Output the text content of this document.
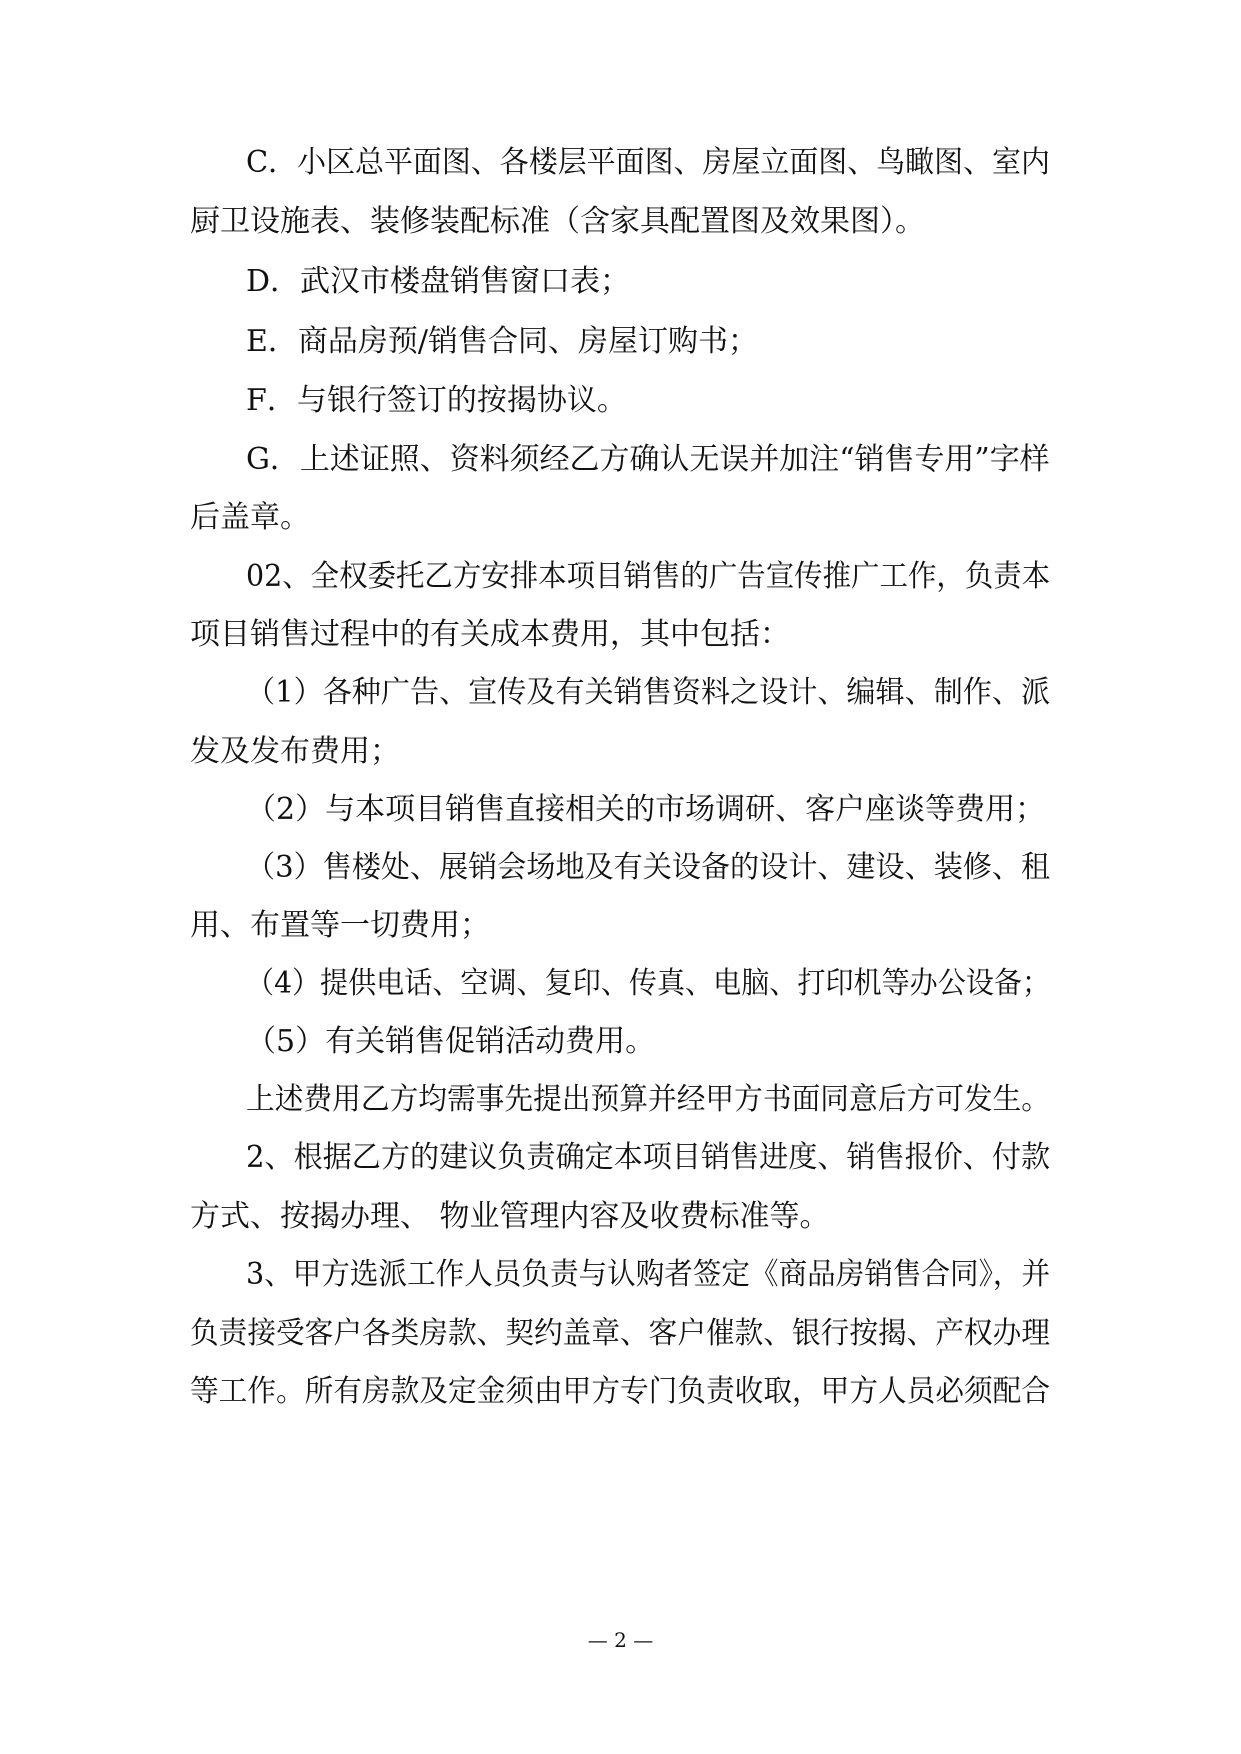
C．小区总平面图、各楼层平面图、房屋立面图、鸟瞰图、室内
厨卫设施表、装修装配标准（含家具配置图及效果图）。
D．武汉市楼盘销售窗口表；
E．商品房预/销售合同、房屋订购书；
F．与银行签订的按揭协议。
G．上述证照、资料须经乙方确认无误并加注“销售专用”字样
后盖章。
02、全权委托乙方安排本项目销售的广告宣传推广工作，负责本
项目销售过程中的有关成本费用，其中包括：
（1）各种广告、宣传及有关销售资料之设计、编辑、制作、派
发及发布费用；
（2）与本项目销售直接相关的市场调研、客户座谈等费用；
（3）售楼处、展销会场地及有关设备的设计、建设、装修、租
用、布置等一切费用；
（4）提供电话、空调、复印、传真、电脑、打印机等办公设备；
（5）有关销售促销活动费用。
上述费用乙方均需事先提出预算并经甲方书面同意后方可发生。
2、根据乙方的建议负责确定本项目销售进度、销售报价、付款
方式、按揭办理、 物业管理内容及收费标准等。
3、甲方选派工作人员负责与认购者签定《商品房销售合同》，并
负责接受客户各类房款、契约盖章、客户催款、银行按揭、产权办理
等工作。所有房款及定金须由甲方专门负责收取，甲方人员必须配合
— 2 —
